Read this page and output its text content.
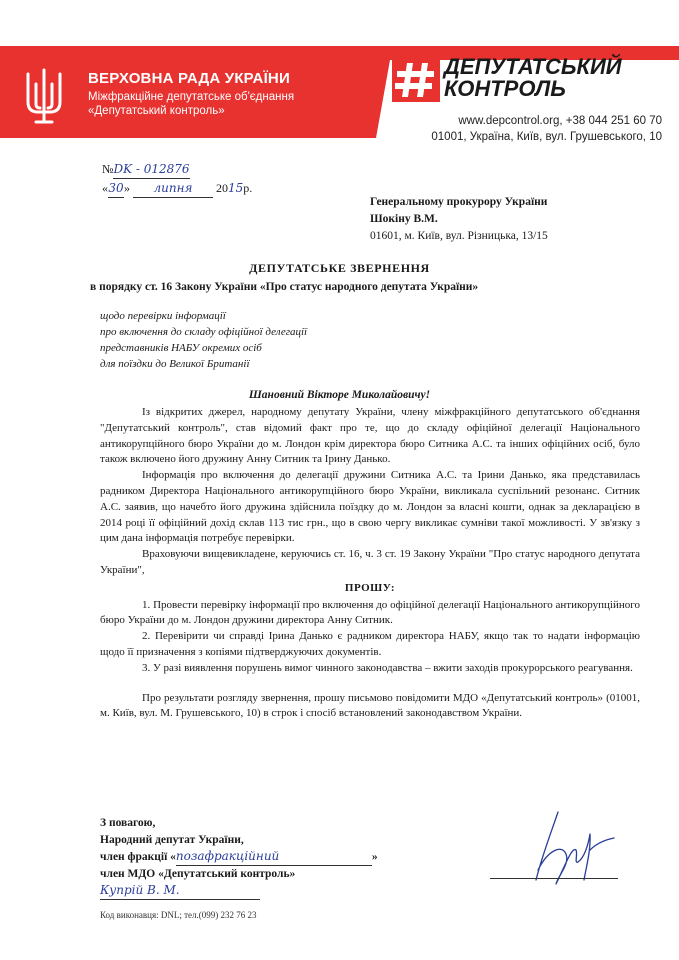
ВЕРХОВНА РАДА УКРАЇНИ
Міжфракційне депутатське об'єднання
«Депутатський контроль»
ДЕПУТАТСЬКИЙ
КОНТРОЛЬ
www.depcontrol.org, +38 044 251 60 70
01001, Україна, Київ, вул. Грушевського, 10
№DK - 012876
«30» липня 2015р.
Генеральному прокурору України
Шокіну В.М.
01601, м. Київ, вул. Різницька, 13/15
ДЕПУТАТСЬКЕ ЗВЕРНЕННЯ
в порядку ст. 16 Закону України «Про статус народного депутата України»
щодо перевірки інформації
про включення до складу офіційної делегації
представників НАБУ окремих осіб
для поїздки до Великої Британії
Шановний Вікторе Миколайовичу!

Із відкритих джерел, народному депутату України, члену міжфракційного депутатського об'єднання "Депутатський контроль", став відомий факт про те, що до складу офіційної делегації Національного антикорупційного бюро України до м. Лондон крім директора бюро Ситника А.С. та інших офіційних осіб, було також включено його дружину Анну Ситник та Ірину Данько.

Інформація про включення до делегації дружини Ситника А.С. та Ірини Данько, яка представилась радником Директора Національного антикорупційного бюро України, викликала суспільний резонанс. Ситник А.С. заявив, що начебто його дружина здійснила поїздку до м. Лондон за власні кошти, однак за декларацією в 2014 році її офіційний дохід склав 113 тис грн., що в свою чергу викликає сумніви такої можливості. У зв'язку з цим дана інформація потребує перевірки.

Враховуючи вищевикладене, керуючись ст. 16, ч. 3 ст. 19 Закону України "Про статус народного депутата України",

ПРОШУ:

1. Провести перевірку інформації про включення до офіційної делегації Національного антикорупційного бюро України до м. Лондон дружини директора Анну Ситник.

2. Перевірити чи справді Ірина Данько є радником директора НАБУ, якщо так то надати інформацію щодо її призначення з копіями підтверджуючих документів.

3. У разі виявлення порушень вимог чинного законодавства – вжити заходів прокурорського реагування.

Про результати розгляду звернення, прошу письмово повідомити МДО «Депутатський контроль» (01001, м. Київ, вул. М. Грушевського, 10) в строк і спосіб встановлений законодавством України.

З повагою,
Народний депутат України,
член фракції «позафракційний	»
член МДО «Депутатський контроль»
Купрій В. М.
Код виконавця: DNL; тел.(099) 232 76 23
